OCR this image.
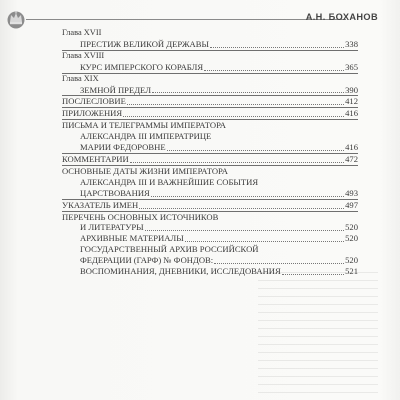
А.Н. БОХАНОВ
Глава XVII
ПРЕСТИЖ ВЕЛИКОЙ ДЕРЖАВЫ	338
Глава XVIII
КУРС ИМПЕРСКОГО КОРАБЛЯ	365
Глава XIX
ЗЕМНОЙ ПРЕДЕЛ	390
ПОСЛЕСЛОВИЕ	412
ПРИЛОЖЕНИЯ	416
ПИСЬМА И ТЕЛЕГРАММЫ ИМПЕРАТОРА
АЛЕКСАНДРА III ИМПЕРАТРИЦЕ
МАРИИ ФЕДОРОВНЕ	416
КОММЕНТАРИИ	472
ОСНОВНЫЕ ДАТЫ ЖИЗНИ ИМПЕРАТОРА
АЛЕКСАНДРА III И ВАЖНЕЙШИЕ СОБЫТИЯ
ЦАРСТВОВАНИЯ	493
УКАЗАТЕЛЬ ИМЕН	497
ПЕРЕЧЕНЬ ОСНОВНЫХ ИСТОЧНИКОВ
И ЛИТЕРАТУРЫ	520
АРХИВНЫЕ МАТЕРИАЛЫ	520
ГОСУДАРСТВЕННЫЙ АРХИВ РОССИЙСКОЙ
ФЕДЕРАЦИИ (ГАРФ) № ФОНДОВ:	520
ВОСПОМИНАНИЯ, ДНЕВНИКИ, ИССЛЕДОВАНИЯ	521
